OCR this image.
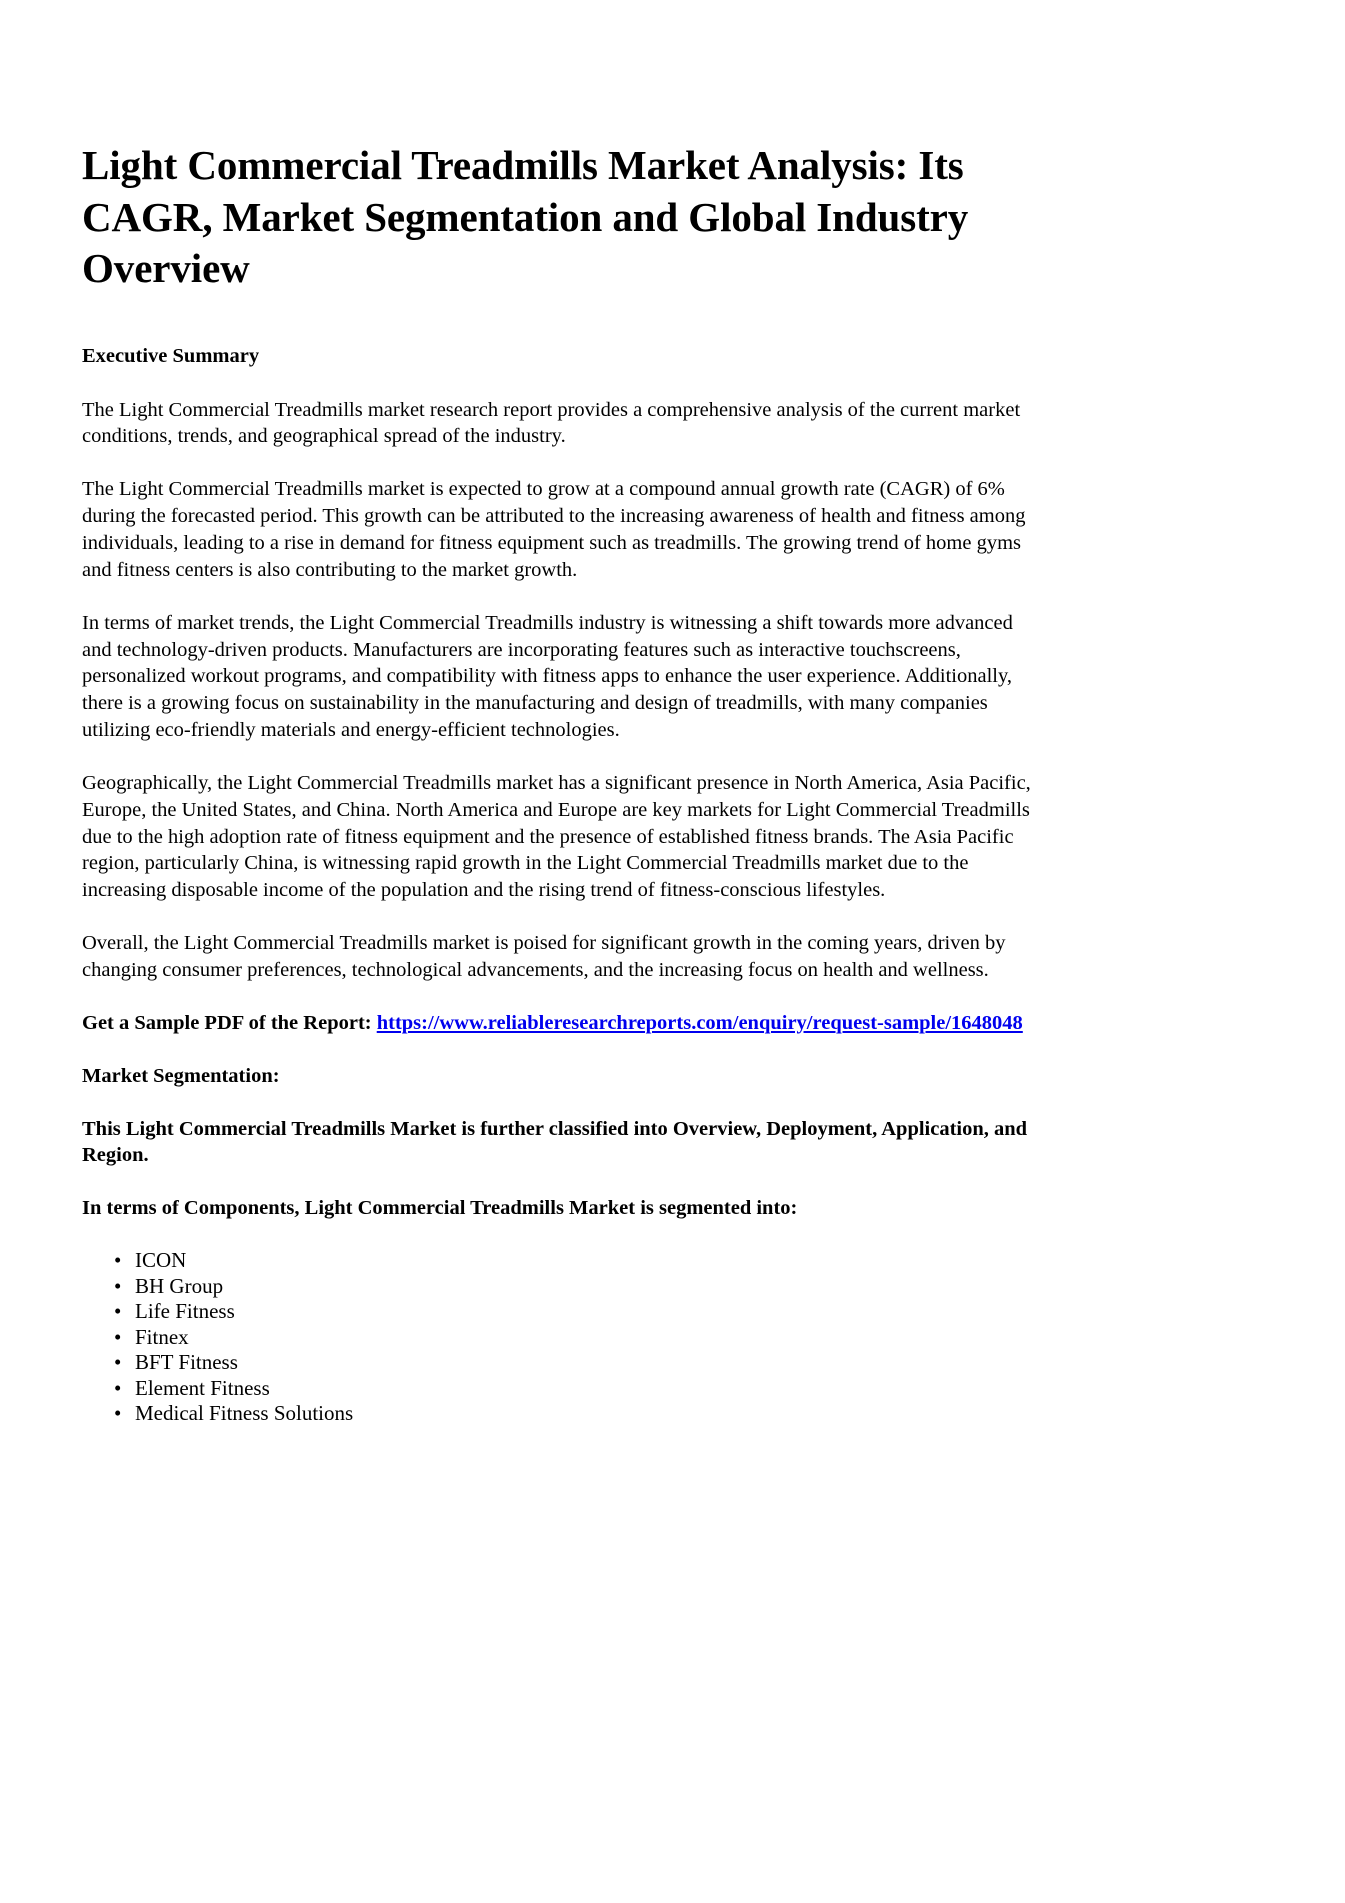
Light Commercial Treadmills Market Analysis: Its CAGR, Market Segmentation and Global Industry Overview

Executive Summary

The Light Commercial Treadmills market research report provides a comprehensive analysis of the current market conditions, trends, and geographical spread of the industry.

The Light Commercial Treadmills market is expected to grow at a compound annual growth rate (CAGR) of 6% during the forecasted period. This growth can be attributed to the increasing awareness of health and fitness among individuals, leading to a rise in demand for fitness equipment such as treadmills. The growing trend of home gyms and fitness centers is also contributing to the market growth.

In terms of market trends, the Light Commercial Treadmills industry is witnessing a shift towards more advanced and technology-driven products. Manufacturers are incorporating features such as interactive touchscreens, personalized workout programs, and compatibility with fitness apps to enhance the user experience. Additionally, there is a growing focus on sustainability in the manufacturing and design of treadmills, with many companies utilizing eco-friendly materials and energy-efficient technologies.

Geographically, the Light Commercial Treadmills market has a significant presence in North America, Asia Pacific, Europe, the United States, and China. North America and Europe are key markets for Light Commercial Treadmills due to the high adoption rate of fitness equipment and the presence of established fitness brands. The Asia Pacific region, particularly China, is witnessing rapid growth in the Light Commercial Treadmills market due to the increasing disposable income of the population and the rising trend of fitness-conscious lifestyles.

Overall, the Light Commercial Treadmills market is poised for significant growth in the coming years, driven by changing consumer preferences, technological advancements, and the increasing focus on health and wellness.

Get a Sample PDF of the Report: https://www.reliableresearchreports.com/enquiry/request-sample/1648048

Market Segmentation:

This Light Commercial Treadmills Market is further classified into Overview, Deployment, Application, and Region.

In terms of Components, Light Commercial Treadmills Market is segmented into:

• ICON
• BH Group
• Life Fitness
• Fitnex
• BFT Fitness
• Element Fitness
• Medical Fitness Solutions
